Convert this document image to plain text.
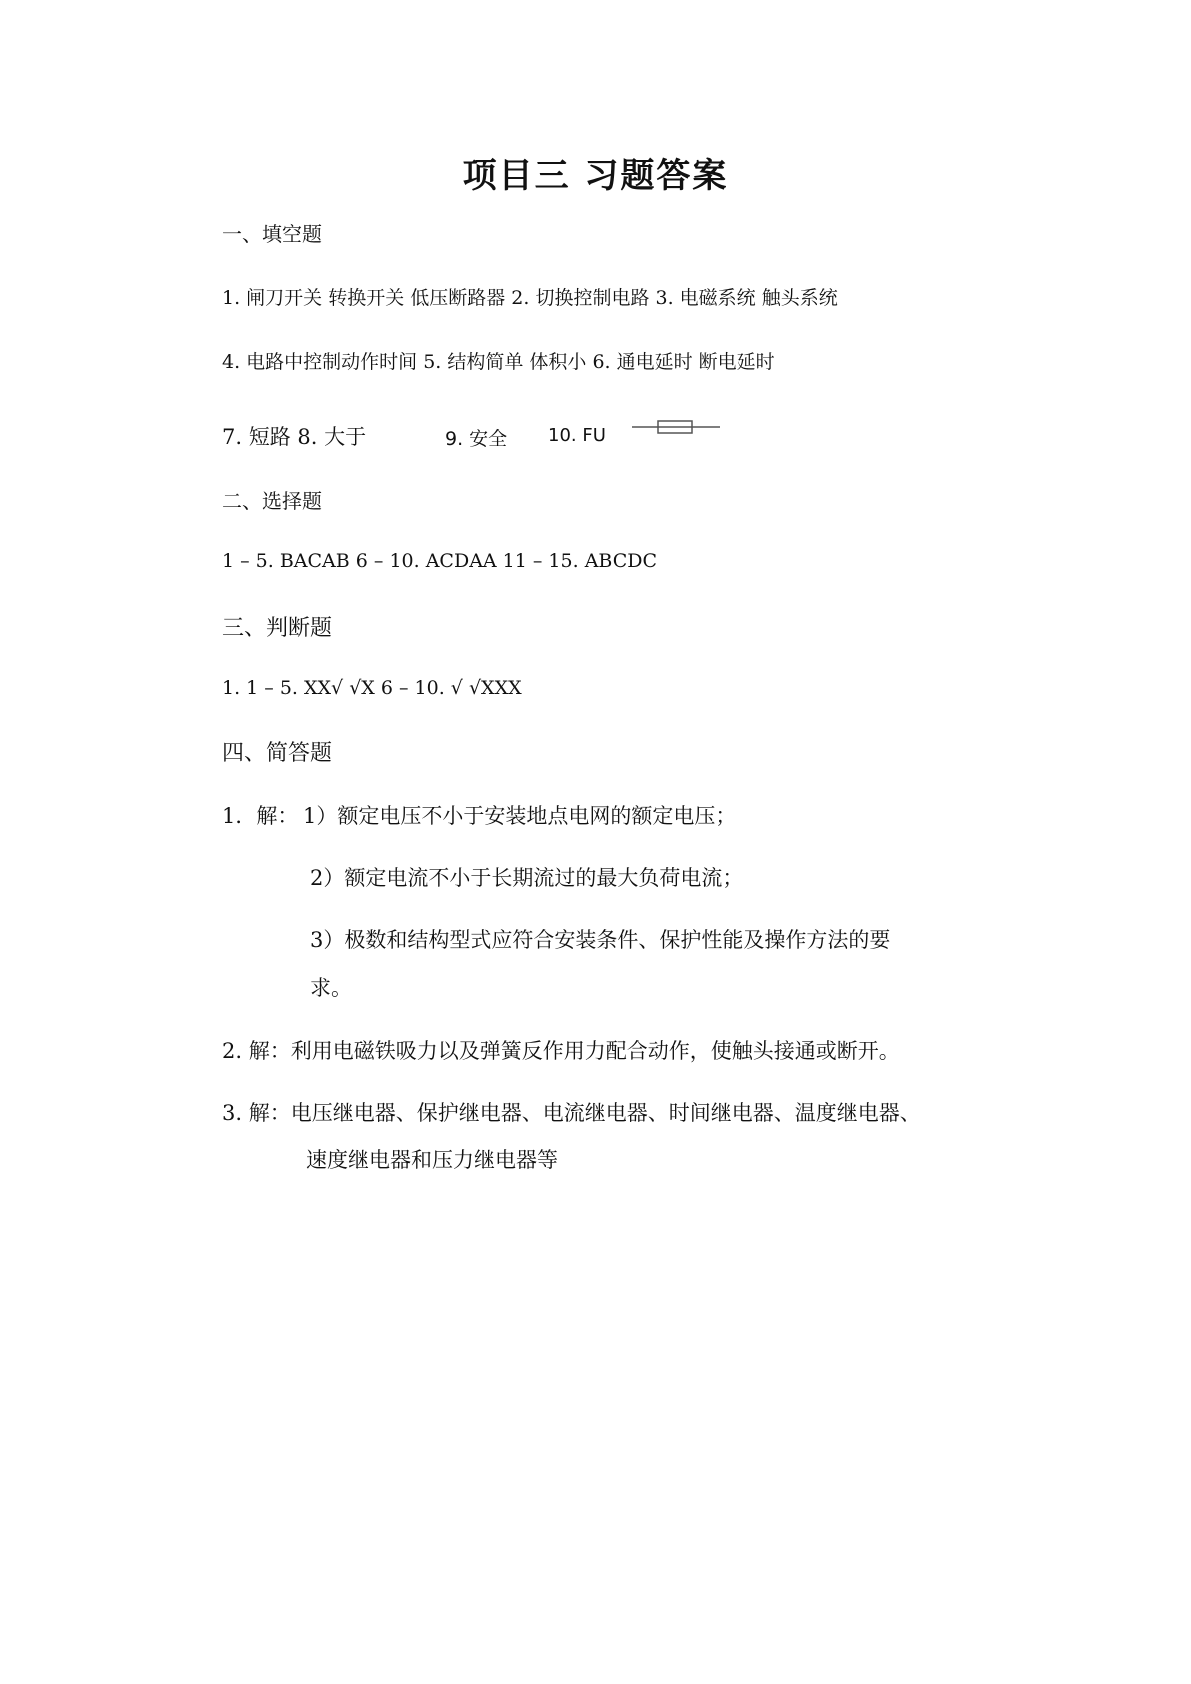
项目三 习题答案
一、填空题
1. 闸刀开关 转换开关 低压断路器 2. 切换控制电路 3. 电磁系统 触头系统
4. 电路中控制动作时间 5. 结构简单 体积小 6. 通电延时 断电延时
7. 短路 8. 大于	9. 安全 10. FU
二、选择题
1 – 5. BACAB 6 – 10. ACDAA 11 – 15. ABCDC
三、判断题
1. 1 – 5. XX√ √X 6 – 10. √ √XXX
四、简答题
1．解： 1）额定电压不小于安装地点电网的额定电压；
2）额定电流不小于长期流过的最大负荷电流；
3）极数和结构型式应符合安装条件、保护性能及操作方法的要
求。
2. 解：利用电磁铁吸力以及弹簧反作用力配合动作，使触头接通或断开。
3. 解：电压继电器、保护继电器、电流继电器、时间继电器、温度继电器、
速度继电器和压力继电器等
